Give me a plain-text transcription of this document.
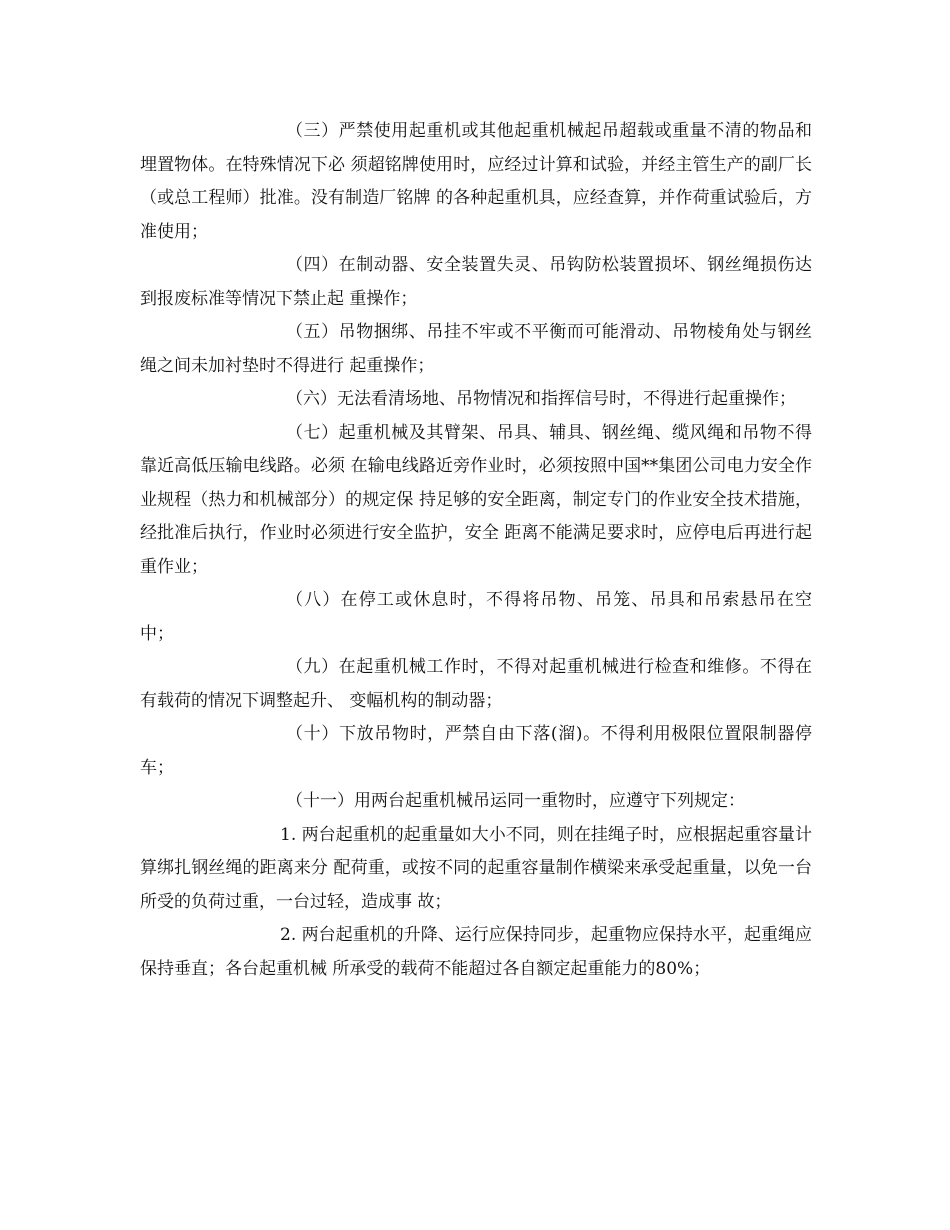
（三）严禁使用起重机或其他起重机械起吊超载或重量不清的物品和埋置物体。在特殊情况下必 须超铭牌使用时，应经过计算和试验，并经主管生产的副厂长（或总工程师）批准。没有制造厂铭牌 的各种起重机具，应经查算，并作荷重试验后，方准使用；

（四）在制动器、安全装置失灵、吊钩防松装置损坏、钢丝绳损伤达到报废标准等情况下禁止起 重操作；

（五）吊物捆绑、吊挂不牢或不平衡而可能滑动、吊物棱角处与钢丝绳之间未加衬垫时不得进行 起重操作；

（六）无法看清场地、吊物情况和指挥信号时，不得进行起重操作；

（七）起重机械及其臂架、吊具、辅具、钢丝绳、缆风绳和吊物不得靠近高低压输电线路。必须 在输电线路近旁作业时，必须按照中国**集团公司电力安全作业规程（热力和机械部分）的规定保 持足够的安全距离，制定专门的作业安全技术措施，经批准后执行，作业时必须进行安全监护，安全 距离不能满足要求时，应停电后再进行起重作业；

（八）在停工或休息时，不得将吊物、吊笼、吊具和吊索悬吊在空中；

（九）在起重机械工作时，不得对起重机械进行检查和维修。不得在有载荷的情况下调整起升、 变幅机构的制动器；

（十）下放吊物时，严禁自由下落(溜)。不得利用极限位置限制器停车；

（十一）用两台起重机械吊运同一重物时，应遵守下列规定：

1. 两台起重机的起重量如大小不同，则在挂绳子时，应根据起重容量计算绑扎钢丝绳的距离来分 配荷重，或按不同的起重容量制作横梁来承受起重量，以免一台所受的负荷过重，一台过轻，造成事 故；

2. 两台起重机的升降、运行应保持同步，起重物应保持水平，起重绳应保持垂直；各台起重机械 所承受的载荷不能超过各自额定起重能力的80%；
